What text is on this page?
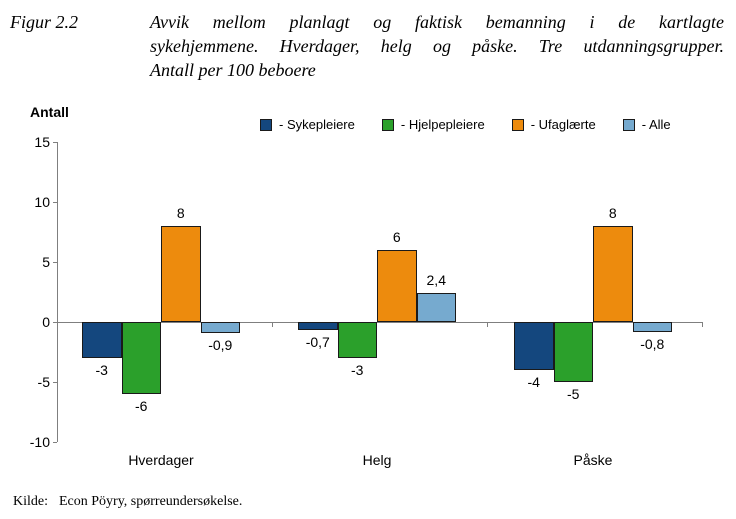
Figur 2.2	Avvik mellom planlagt og faktisk bemanning i de kartlagte
sykehjemmene. Hverdager, helg og påske. Tre utdanningsgrupper.
Antall per 100 beboere
Antall
- Sykepleiere	- Hjelpepleiere	- Ufaglærte	- Alle
15
10
5
0
-5
-10
-3
-6
8
-0,9
Hverdager
-0,7
-3
6
2,4
Helg
-4
-5
8
-0,8
Påske
Kilde: Econ Pöyry, spørreundersøkelse.
